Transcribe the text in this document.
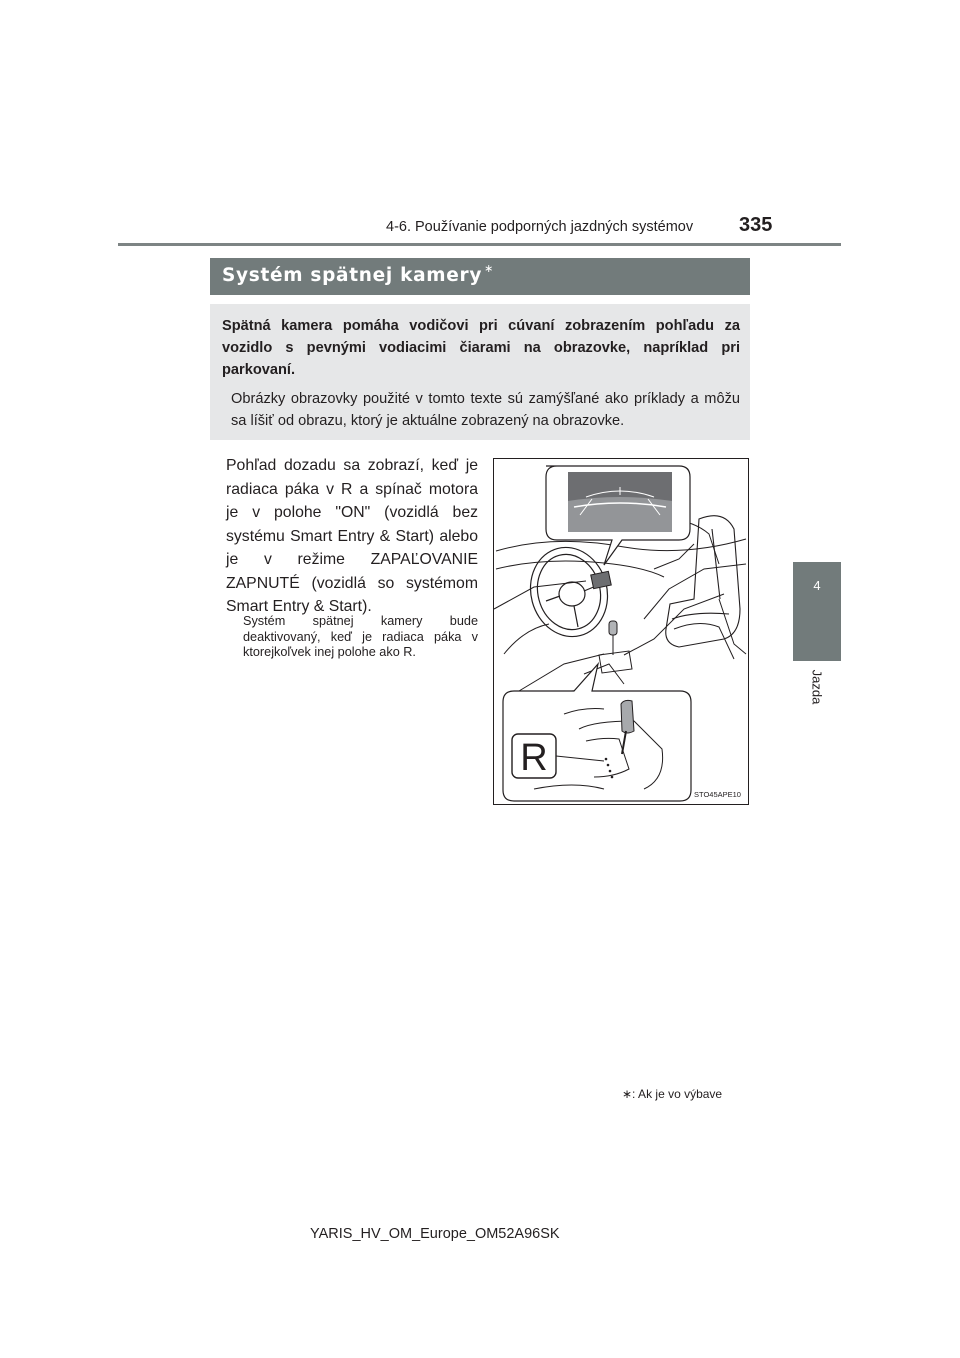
4-6. Používanie podporných jazdných systémov 335
4
Jazda
Systém spätnej kamery ∗
Spätná kamera pomáha vodičovi pri cúvaní zobrazením pohľadu za vozidlo s pevnými vodiacimi čiarami na obrazovke, napríklad pri parkovaní.
Obrázky obrazovky použité v tomto texte sú zamýšľané ako príklady a môžu sa líšiť od obrazu, ktorý je aktuálne zobrazený na obrazovke.
Pohľad dozadu sa zobrazí, keď je radiaca páka v R a spínač motora je v polohe "ON" (vozidlá bez systému Smart Entry & Start) alebo je v režime ZAPAĽOVANIE ZAPNUTÉ (vozidlá so systémom Smart Entry & Start).
Systém spätnej kamery bude deaktivovaný, keď je radiaca páka v ktorejkoľvek inej polohe ako R.
R
STO45APE10
∗: Ak je vo výbave
YARIS_HV_OM_Europe_OM52A96SK
